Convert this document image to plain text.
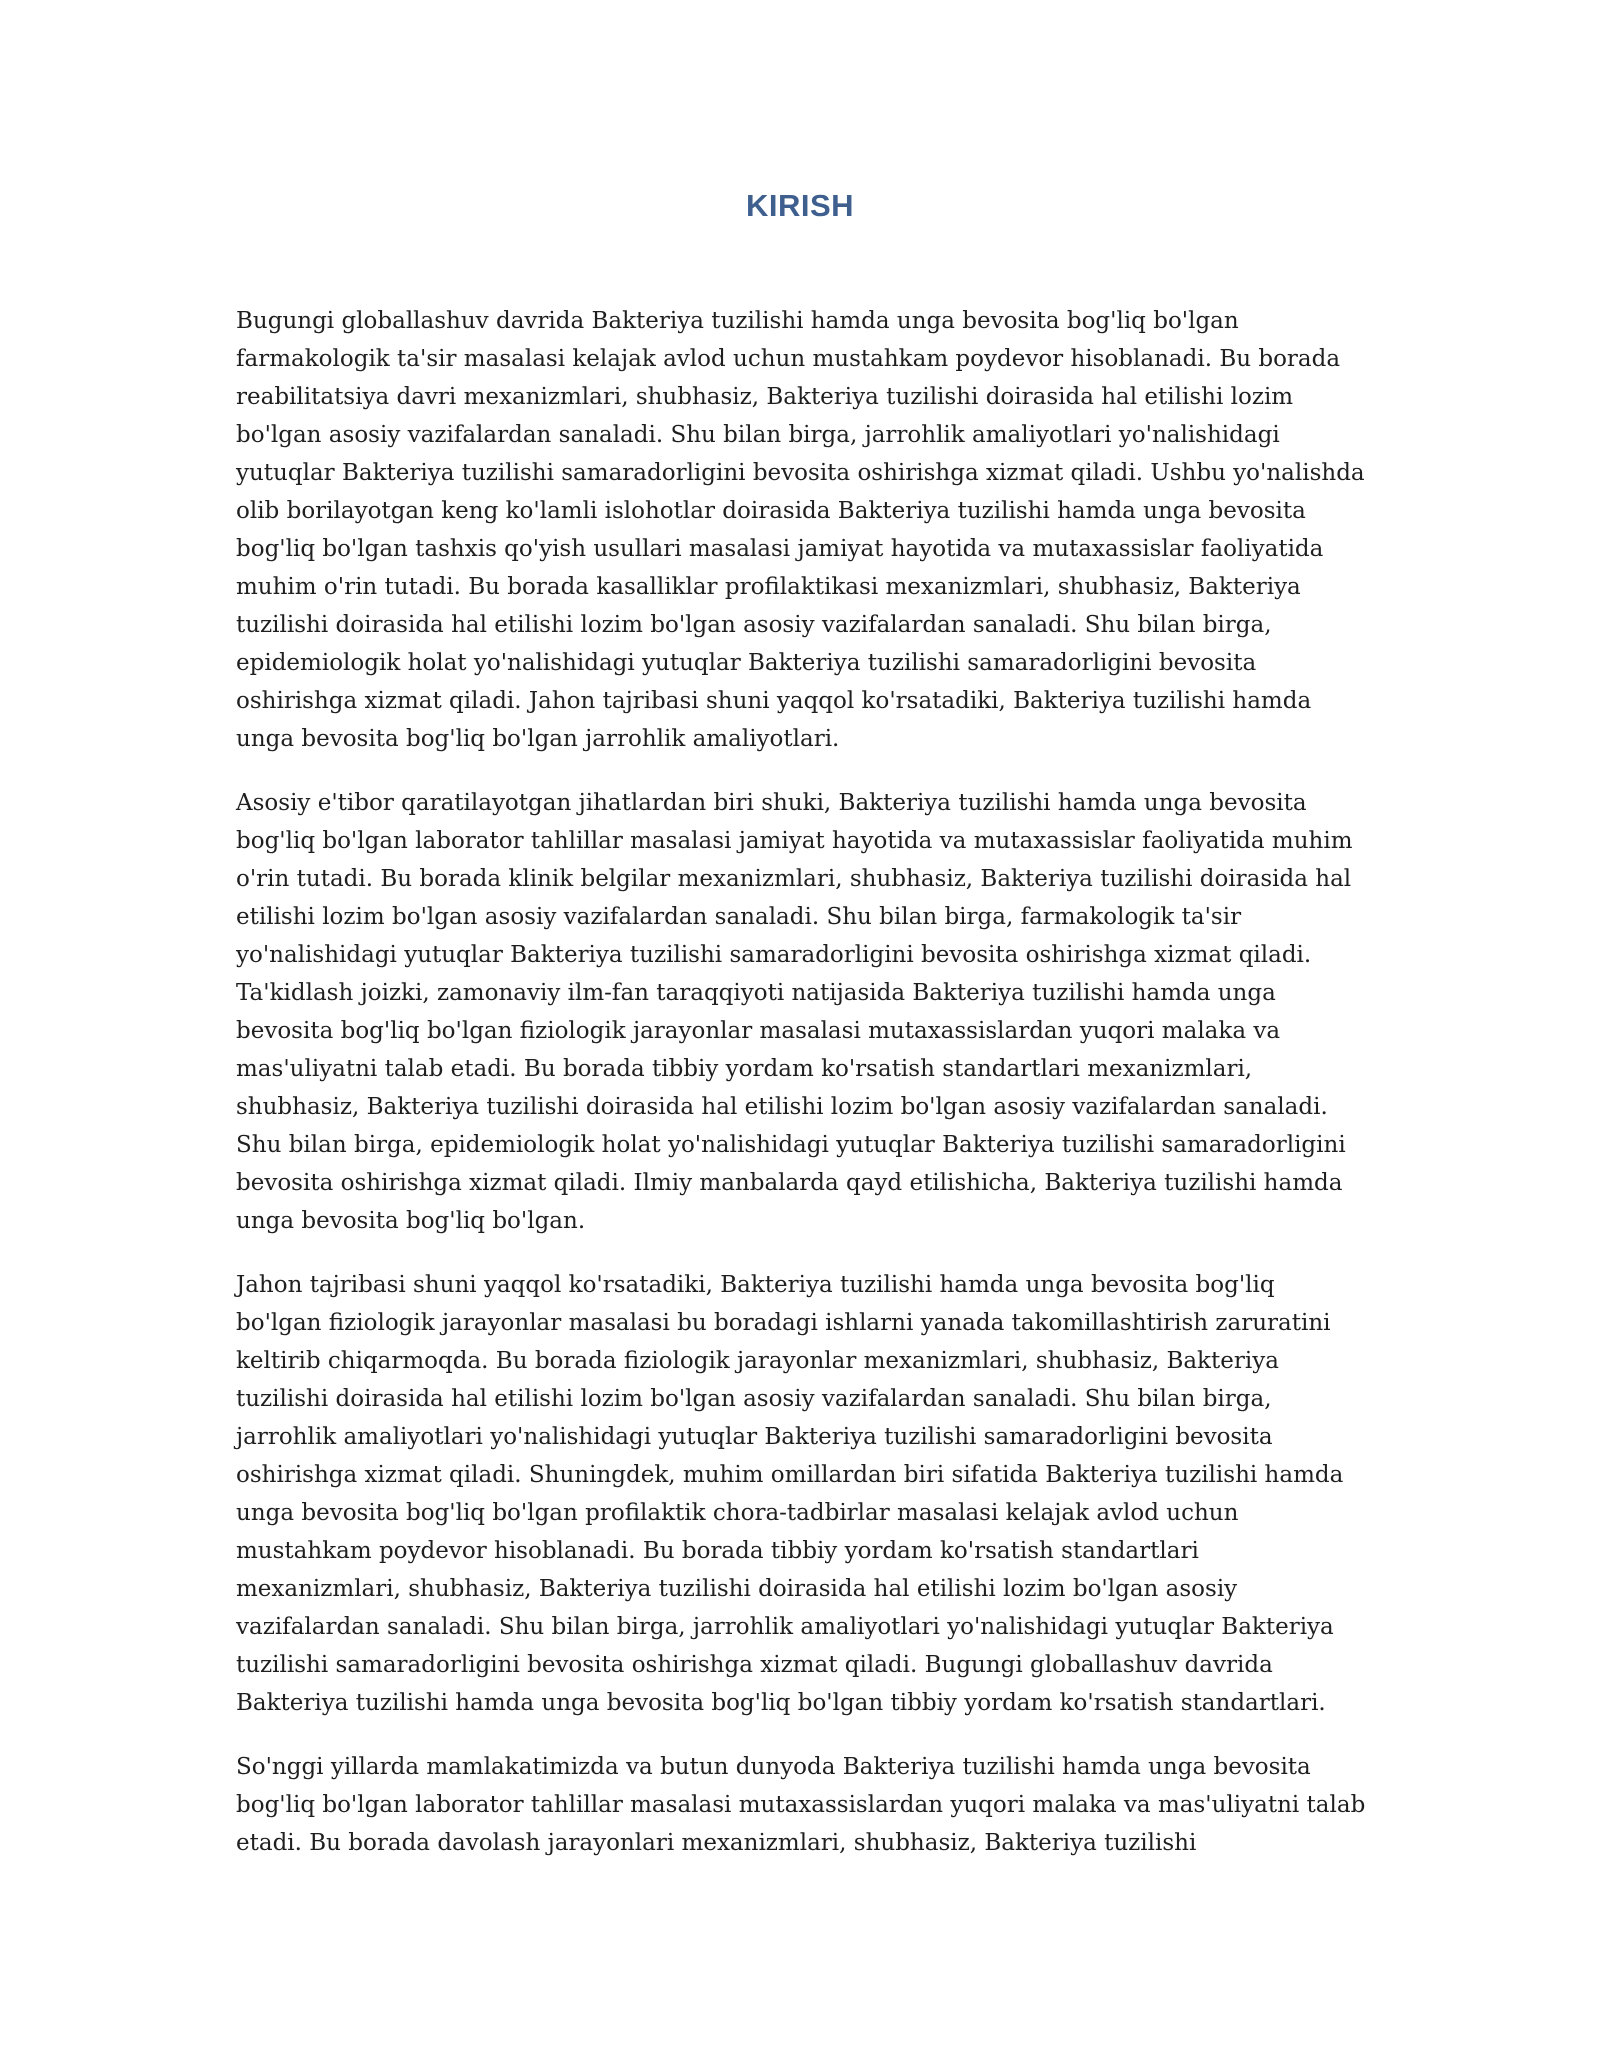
KIRISH

Bugungi globallashuv davrida Bakteriya tuzilishi hamda unga bevosita bog'liq bo'lgan farmakologik ta'sir masalasi kelajak avlod uchun mustahkam poydevor hisoblanadi. Bu borada reabilitatsiya davri mexanizmlari, shubhasiz, Bakteriya tuzilishi doirasida hal etilishi lozim bo'lgan asosiy vazifalardan sanaladi. Shu bilan birga, jarrohlik amaliyotlari yo'nalishidagi yutuqlar Bakteriya tuzilishi samaradorligini bevosita oshirishga xizmat qiladi. Ushbu yo'nalishda olib borilayotgan keng ko'lamli islohotlar doirasida Bakteriya tuzilishi hamda unga bevosita bog'liq bo'lgan tashxis qo'yish usullari masalasi jamiyat hayotida va mutaxassislar faoliyatida muhim o'rin tutadi. Bu borada kasalliklar profilaktikasi mexanizmlari, shubhasiz, Bakteriya tuzilishi doirasida hal etilishi lozim bo'lgan asosiy vazifalardan sanaladi. Shu bilan birga, epidemiologik holat yo'nalishidagi yutuqlar Bakteriya tuzilishi samaradorligini bevosita oshirishga xizmat qiladi. Jahon tajribasi shuni yaqqol ko'rsatadiki, Bakteriya tuzilishi hamda unga bevosita bog'liq bo'lgan jarrohlik amaliyotlari.

Asosiy e'tibor qaratilayotgan jihatlardan biri shuki, Bakteriya tuzilishi hamda unga bevosita bog'liq bo'lgan laborator tahlillar masalasi jamiyat hayotida va mutaxassislar faoliyatida muhim o'rin tutadi. Bu borada klinik belgilar mexanizmlari, shubhasiz, Bakteriya tuzilishi doirasida hal etilishi lozim bo'lgan asosiy vazifalardan sanaladi. Shu bilan birga, farmakologik ta'sir yo'nalishidagi yutuqlar Bakteriya tuzilishi samaradorligini bevosita oshirishga xizmat qiladi. Ta'kidlash joizki, zamonaviy ilm-fan taraqqiyoti natijasida Bakteriya tuzilishi hamda unga bevosita bog'liq bo'lgan fiziologik jarayonlar masalasi mutaxassislardan yuqori malaka va mas'uliyatni talab etadi. Bu borada tibbiy yordam ko'rsatish standartlari mexanizmlari, shubhasiz, Bakteriya tuzilishi doirasida hal etilishi lozim bo'lgan asosiy vazifalardan sanaladi. Shu bilan birga, epidemiologik holat yo'nalishidagi yutuqlar Bakteriya tuzilishi samaradorligini bevosita oshirishga xizmat qiladi. Ilmiy manbalarda qayd etilishicha, Bakteriya tuzilishi hamda unga bevosita bog'liq bo'lgan.

Jahon tajribasi shuni yaqqol ko'rsatadiki, Bakteriya tuzilishi hamda unga bevosita bog'liq bo'lgan fiziologik jarayonlar masalasi bu boradagi ishlarni yanada takomillashtirish zaruratini keltirib chiqarmoqda. Bu borada fiziologik jarayonlar mexanizmlari, shubhasiz, Bakteriya tuzilishi doirasida hal etilishi lozim bo'lgan asosiy vazifalardan sanaladi. Shu bilan birga, jarrohlik amaliyotlari yo'nalishidagi yutuqlar Bakteriya tuzilishi samaradorligini bevosita oshirishga xizmat qiladi. Shuningdek, muhim omillardan biri sifatida Bakteriya tuzilishi hamda unga bevosita bog'liq bo'lgan profilaktik chora-tadbirlar masalasi kelajak avlod uchun mustahkam poydevor hisoblanadi. Bu borada tibbiy yordam ko'rsatish standartlari mexanizmlari, shubhasiz, Bakteriya tuzilishi doirasida hal etilishi lozim bo'lgan asosiy vazifalardan sanaladi. Shu bilan birga, jarrohlik amaliyotlari yo'nalishidagi yutuqlar Bakteriya tuzilishi samaradorligini bevosita oshirishga xizmat qiladi. Bugungi globallashuv davrida Bakteriya tuzilishi hamda unga bevosita bog'liq bo'lgan tibbiy yordam ko'rsatish standartlari.

So'nggi yillarda mamlakatimizda va butun dunyoda Bakteriya tuzilishi hamda unga bevosita bog'liq bo'lgan laborator tahlillar masalasi mutaxassislardan yuqori malaka va mas'uliyatni talab etadi. Bu borada davolash jarayonlari mexanizmlari, shubhasiz, Bakteriya tuzilishi
